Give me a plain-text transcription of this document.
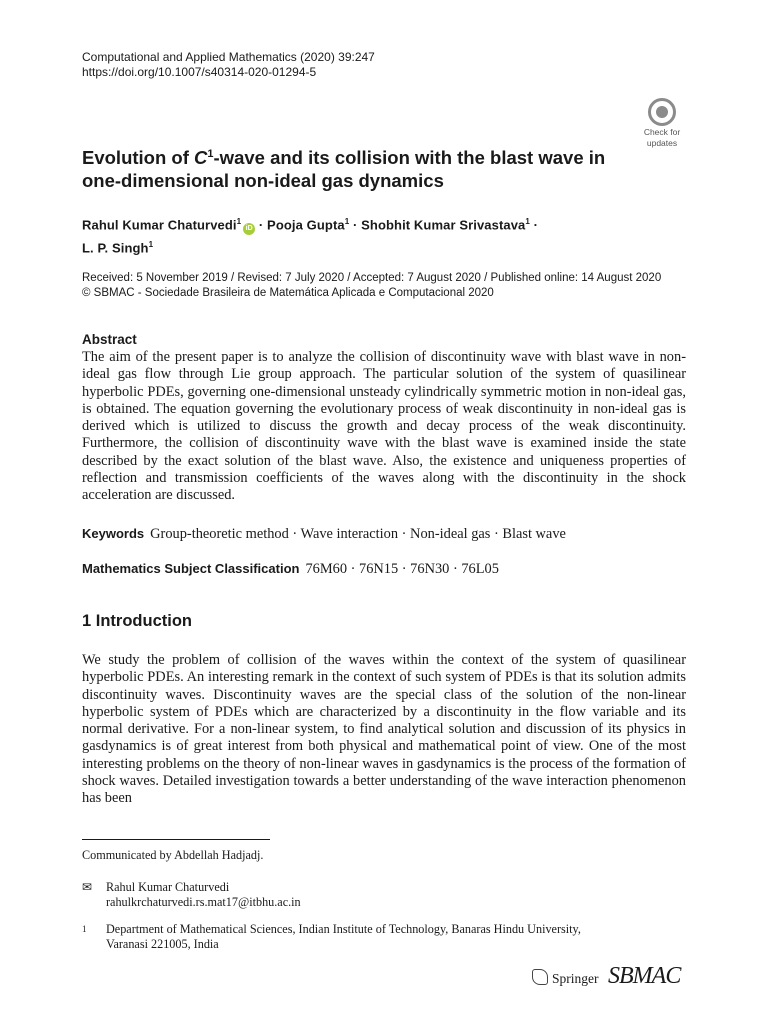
Computational and Applied Mathematics (2020) 39:247
https://doi.org/10.1007/s40314-020-01294-5
Check for
updates
Evolution of $C^1$-wave and its collision with the blast wave in one-dimensional non-ideal gas dynamics
Rahul Kumar Chaturvedi$^1$iD · Pooja Gupta$^1$ · Shobhit Kumar Srivastava$^1$ ·
L. P. Singh$^1$
Received: 5 November 2019 / Revised: 7 July 2020 / Accepted: 7 August 2020 / Published online: 14 August 2020
© SBMAC - Sociedade Brasileira de Matemática Aplicada e Computacional 2020
Abstract
The aim of the present paper is to analyze the collision of discontinuity wave with blast wave in non-ideal gas flow through Lie group approach. The particular solution of the system of quasilinear hyperbolic PDEs, governing one-dimensional unsteady cylindrically symmetric motion in non-ideal gas, is obtained. The equation governing the evolutionary process of weak discontinuity in non-ideal gas is derived which is utilized to discuss the growth and decay process of the weak discontinuity. Furthermore, the collision of discontinuity wave with the blast wave is examined inside the state described by the exact solution of the blast wave. Also, the existence and uniqueness properties of reflection and transmission coefficients of the waves along with the discontinuity in the shock acceleration are discussed.
Keywords Group-theoretic method · Wave interaction · Non-ideal gas · Blast wave
Mathematics Subject Classification 76M60 · 76N15 · 76N30 · 76L05
1 Introduction
We study the problem of collision of the waves within the context of the system of quasilinear hyperbolic PDEs. An interesting remark in the context of such system of PDEs is that its solution admits discontinuity waves. Discontinuity waves are the special class of the solution of the non-linear hyperbolic system of PDEs which are characterized by a discontinuity in the flow variable and its normal derivative. For a non-linear system, to find analytical solution and discussion of its physics in gasdynamics is of great interest from both physical and mathematical point of view. One of the most interesting problems on the theory of non-linear waves in gasdynamics is the process of the formation of shock waves. Detailed investigation towards a better understanding of the wave interaction phenomenon has been
Communicated by Abdellah Hadjadj.
✉	Rahul Kumar Chaturvedi
rahulkrchaturvedi.rs.mat17@itbhu.ac.in
1 Department of Mathematical Sciences, Indian Institute of Technology, Banaras Hindu University,
Varanasi 221005, India
Springer SBMAC
